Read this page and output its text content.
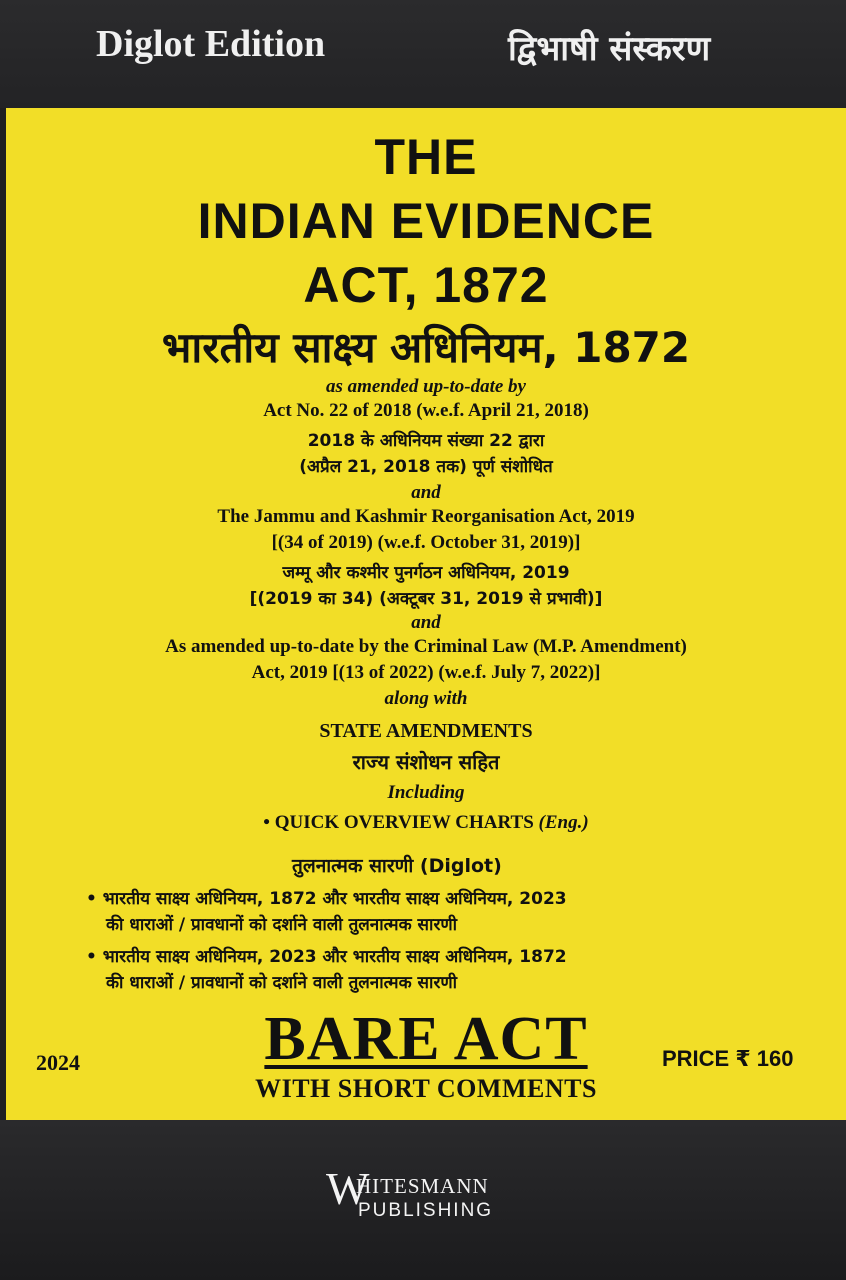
Diglot Edition	द्विभाषी संस्करण
THE
INDIAN EVIDENCE
ACT, 1872
भारतीय साक्ष्य अधिनियम, 1872
as amended up-to-date by
Act No. 22 of 2018 (w.e.f. April 21, 2018)
2018 के अधिनियम संख्या 22 द्वारा
(अप्रैल 21, 2018 तक) पूर्ण संशोधित
and
The Jammu and Kashmir Reorganisation Act, 2019
[(34 of 2019) (w.e.f. October 31, 2019)]
जम्मू और कश्मीर पुनर्गठन अधिनियम, 2019
[(2019 का 34) (अक्टूबर 31, 2019 से प्रभावी)]
and
As amended up-to-date by the Criminal Law (M.P. Amendment)
Act, 2019 [(13 of 2022) (w.e.f. July 7, 2022)]
along with
STATE AMENDMENTS
राज्य संशोधन सहित
Including
• QUICK OVERVIEW CHARTS (Eng.)
तुलनात्मक सारणी (Diglot)
• भारतीय साक्ष्य अधिनियम, 1872 और भारतीय साक्ष्य अधिनियम, 2023
की धाराओं / प्रावधानों को दर्शाने वाली तुलनात्मक सारणी
• भारतीय साक्ष्य अधिनियम, 2023 और भारतीय साक्ष्य अधिनियम, 1872
की धाराओं / प्रावधानों को दर्शाने वाली तुलनात्मक सारणी
2024	BARE ACT	PRICE ₹ 160
WITH SHORT COMMENTS
W
HITESMANN
PUBLISHING
